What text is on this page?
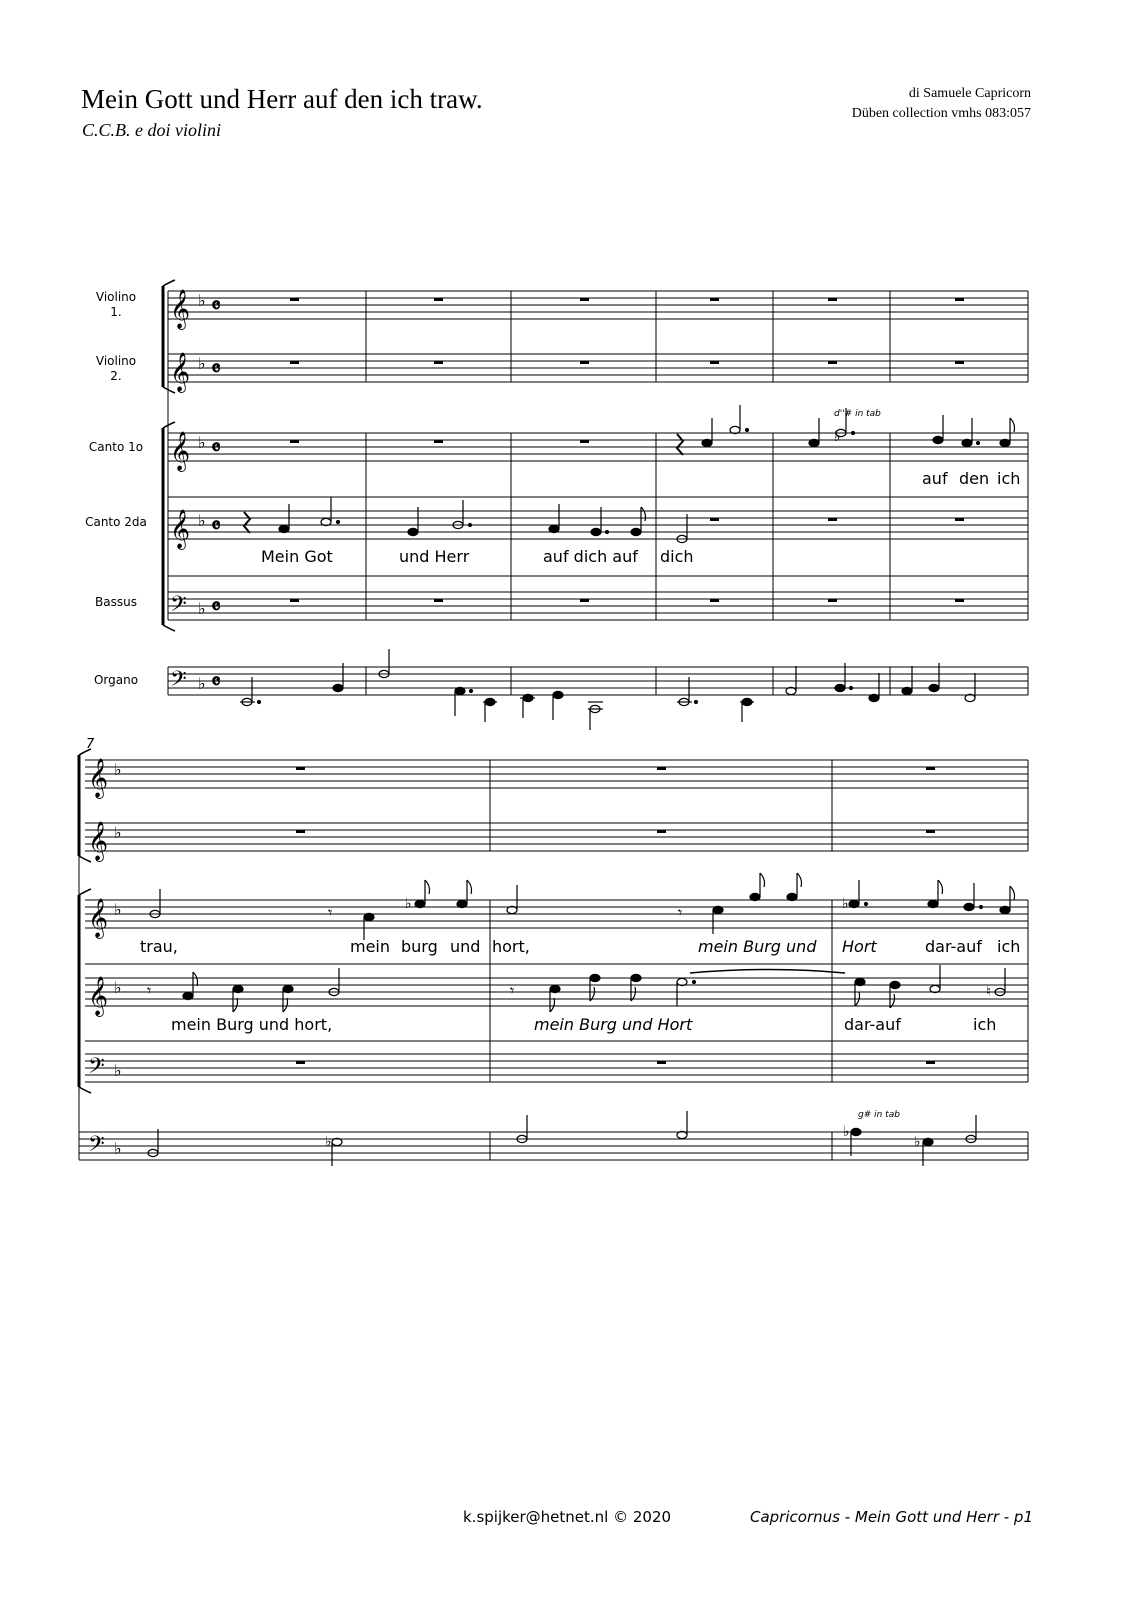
Mein Gott und Herr auf den ich traw.
C.C.B. e doi violini
di Samuele Capricorn
Düben collection vmhs 083:057
Violino
1.
Violino
2.
Canto 1o
Canto 2da
Bassus
Organo
𝄞
𝄞
𝄞
𝄞
𝄢
𝄢
♭
♭
♭
♭
♭
♭
𝄴
𝄴
𝄴
𝄴
𝄴
𝄴
♭
auf den ich
Mein Got	und Herr	auf dich auf dich
d''# in tab
7
𝄞
𝄞
𝄞
𝄞
𝄢
𝄢
♭
♭
♭
♭
♭
♭
𝄾	𝄾
𝄾	𝄾
♭	♭
♮
♭
♭
♭
g# in tab
trau,	mein burg und hort,	mein Burg und Hort	dar-auf ich
mein Burg und hort,	mein Burg und Hort	dar-auf	ich
k.spijker@hetnet.nl © 2020	Capricornus - Mein Gott und Herr - p1
